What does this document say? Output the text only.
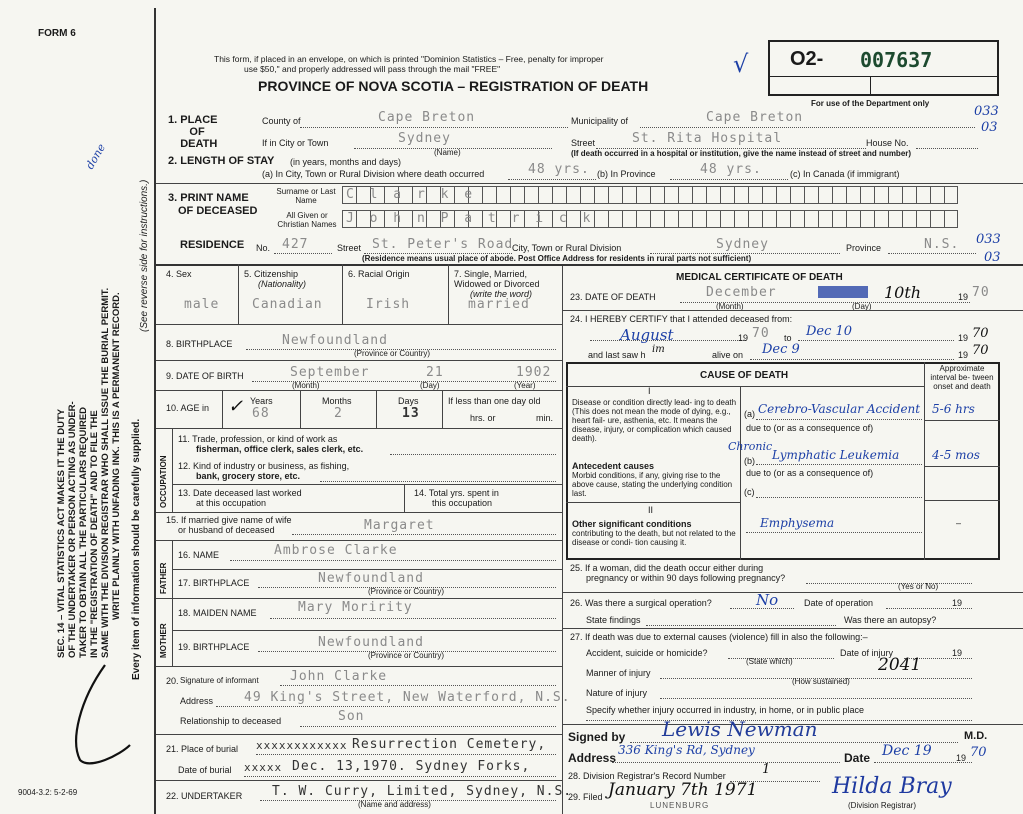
FORM 6
This form, if placed in an envelope, on which is printed "Dominion Statistics – Free, penalty for improper
use $50," and properly addressed will pass through the mail "FREE"
PROVINCE OF NOVA SCOTIA – REGISTRATION OF DEATH
√ O2- 007637
For use of the Department only
SEC. 14 – VITAL STATISTICS ACT MAKES IT THE DUTY OF THE UNDERTAKER OR PERSON ACTING AS UNDER- TAKER TO OBTAIN ALL THE PARTICULARS REQUIRED IN THE "REGISTRATION OF DEATH" AND TO FILE THE SAME WITH THE DIVISION REGISTRAR WHO SHALL ISSUE THE BURIAL PERMIT. WRITE PLAINLY WITH UNFADING INK. THIS IS A PERMANENT RECORD. Every item of information should be carefully supplied.
(See reverse side for instructions.)
done
9004-3.2: 5-2-69
1. PLACE
OF
DEATH
County of	Cape Breton	Municipality of	Cape Breton	033
03
If in City or Town	Sydney
(Name)
Street	St. Rita Hospital	House No.
(If death occurred in a hospital or institution, give the name instead of street and number)
2. LENGTH OF STAY (in years, months and days)
(a) In City, Town or Rural Division where death occurred	48 yrs. (b) In Province	48 yrs.	(c) In Canada (if immigrant)
3. PRINT NAME
OF DECEASED
Surname or Last Name
All Given or Christian Names
C l a r k e
J o h n P a t r i c k
RESIDENCE No. 427	Street St. Peter's Road
City, Town or Rural Division	Sydney	Province	N.S. 033
03
(Residence means usual place of abode. Post Office Address for residents in rural parts not sufficient)
4. Sex
male
5. Citizenship
(Nationality)
Canadian
6. Racial Origin
Irish
7. Single, Married,
Widowed or Divorced
(write the word)
married
8. BIRTHPLACE	Newfoundland
(Province or Country)
9. DATE OF BIRTH	September	21	1902
(Month)	(Day)	(Year)
10. AGE in ✓ Years
68
Months
2
Days
13
If less than one day old
hrs. or	min.
OCCUPATION
11. Trade, profession, or kind of work as
fisherman, office clerk, sales clerk, etc.
12. Kind of industry or business, as fishing,
bank, grocery store, etc.
13. Date deceased last worked
at this occupation
14. Total yrs. spent in
this occupation
15. If married give name of wife
or husband of deceased	Margaret
FATHER
16. NAME	Ambrose Clarke
17. BIRTHPLACE	Newfoundland
(Province or Country)
MOTHER
18. MAIDEN NAME	Mary Moririty
19. BIRTHPLACE	Newfoundland
(Province or Country)
20. Signature of informant John Clarke
Address 49 King's Street, New Waterford, N.S.
Relationship to deceased	Son
21. Place of burial xxxxxxxxxxxx Resurrection Cemetery,
Date of burial xxxxx Dec. 13,1970. Sydney Forks,
22. UNDERTAKER T. W. Curry, Limited, Sydney, N.S.
(Name and address)
MEDICAL CERTIFICATE OF DEATH
23. DATE OF DEATH	December	10th	19 70
(Month)	(Day)
24. I HEREBY CERTIFY that I attended deceased from:
August	19 70 to Dec 10	19 70
and last saw h im	alive on Dec 9	19 70
CAUSE OF DEATH
Approximate interval be- tween onset and death
I
Disease or condition directly lead- ing to death (This does not mean the mode of dying, e.g., heart fail- ure, asthenia, etc. It means the disease, injury, or complication which caused death).
(a) Cerebro-Vascular Accident 5-6 hrs
due to (or as a consequence of)
Antecedent causes
Morbid conditions, if any, giving rise to the above cause, stating the underlying condition last.
Chronic
(b) Lymphatic Leukemia	4-5 mos
due to (or as a consequence of)
(c)
II
Other significant conditions
contributing to the death, but not related to the disease or condi- tion causing it.
Emphysema	–
25. If a woman, did the death occur either during
pregnancy or within 90 days following pregnancy?
(Yes or No)
26. Was there a surgical operation?	No	Date of operation	19
State findings	Was there an autopsy?
27. If death was due to external causes (violence) fill in also the following:–
Accident, suicide or homicide?	Date of injury	19
(State which)
Manner of injury	2041
(How sustained)
Nature of injury
Specify whether injury occurred in industry, in home, or in public place
Signed by Lewis Newman	M.D.
Address
336 King's Rd, Sydney
Date Dec 19	19 70
28. Division Registrar's Record Number	1
29. Filed January 7th 1971
LUNENBURG
Hilda Bray
(Division Registrar)
